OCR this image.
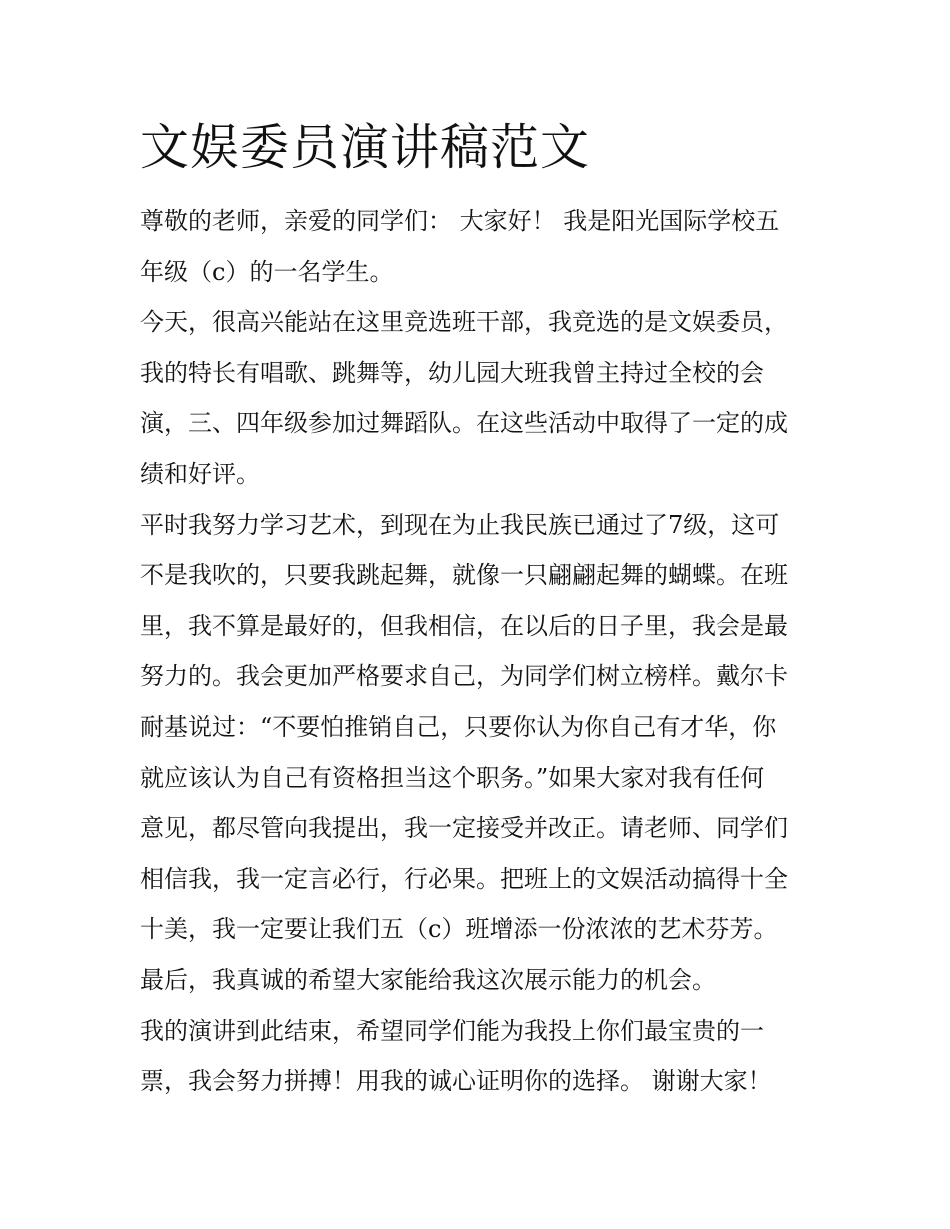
文娱委员演讲稿范文
尊敬的老师，亲爱的同学们： 大家好！ 我是阳光国际学校五
年级（c）的一名学生。
今天，很高兴能站在这里竞选班干部，我竞选的是文娱委员，
我的特长有唱歌、跳舞等，幼儿园大班我曾主持过全校的会
演，三、四年级参加过舞蹈队。在这些活动中取得了一定的成
绩和好评。
平时我努力学习艺术，到现在为止我民族已通过了7级，这可
不是我吹的，只要我跳起舞，就像一只翩翩起舞的蝴蝶。在班
里，我不算是最好的，但我相信，在以后的日子里，我会是最
努力的。我会更加严格要求自己，为同学们树立榜样。戴尔卡
耐基说过：“不要怕推销自己，只要你认为你自己有才华，你
就应该认为自己有资格担当这个职务。”如果大家对我有任何
意见，都尽管向我提出，我一定接受并改正。请老师、同学们
相信我，我一定言必行，行必果。把班上的文娱活动搞得十全
十美，我一定要让我们五（c）班增添一份浓浓的艺术芬芳。
最后，我真诚的希望大家能给我这次展示能力的机会。
我的演讲到此结束，希望同学们能为我投上你们最宝贵的一
票，我会努力拼搏！用我的诚心证明你的选择。 谢谢大家！
